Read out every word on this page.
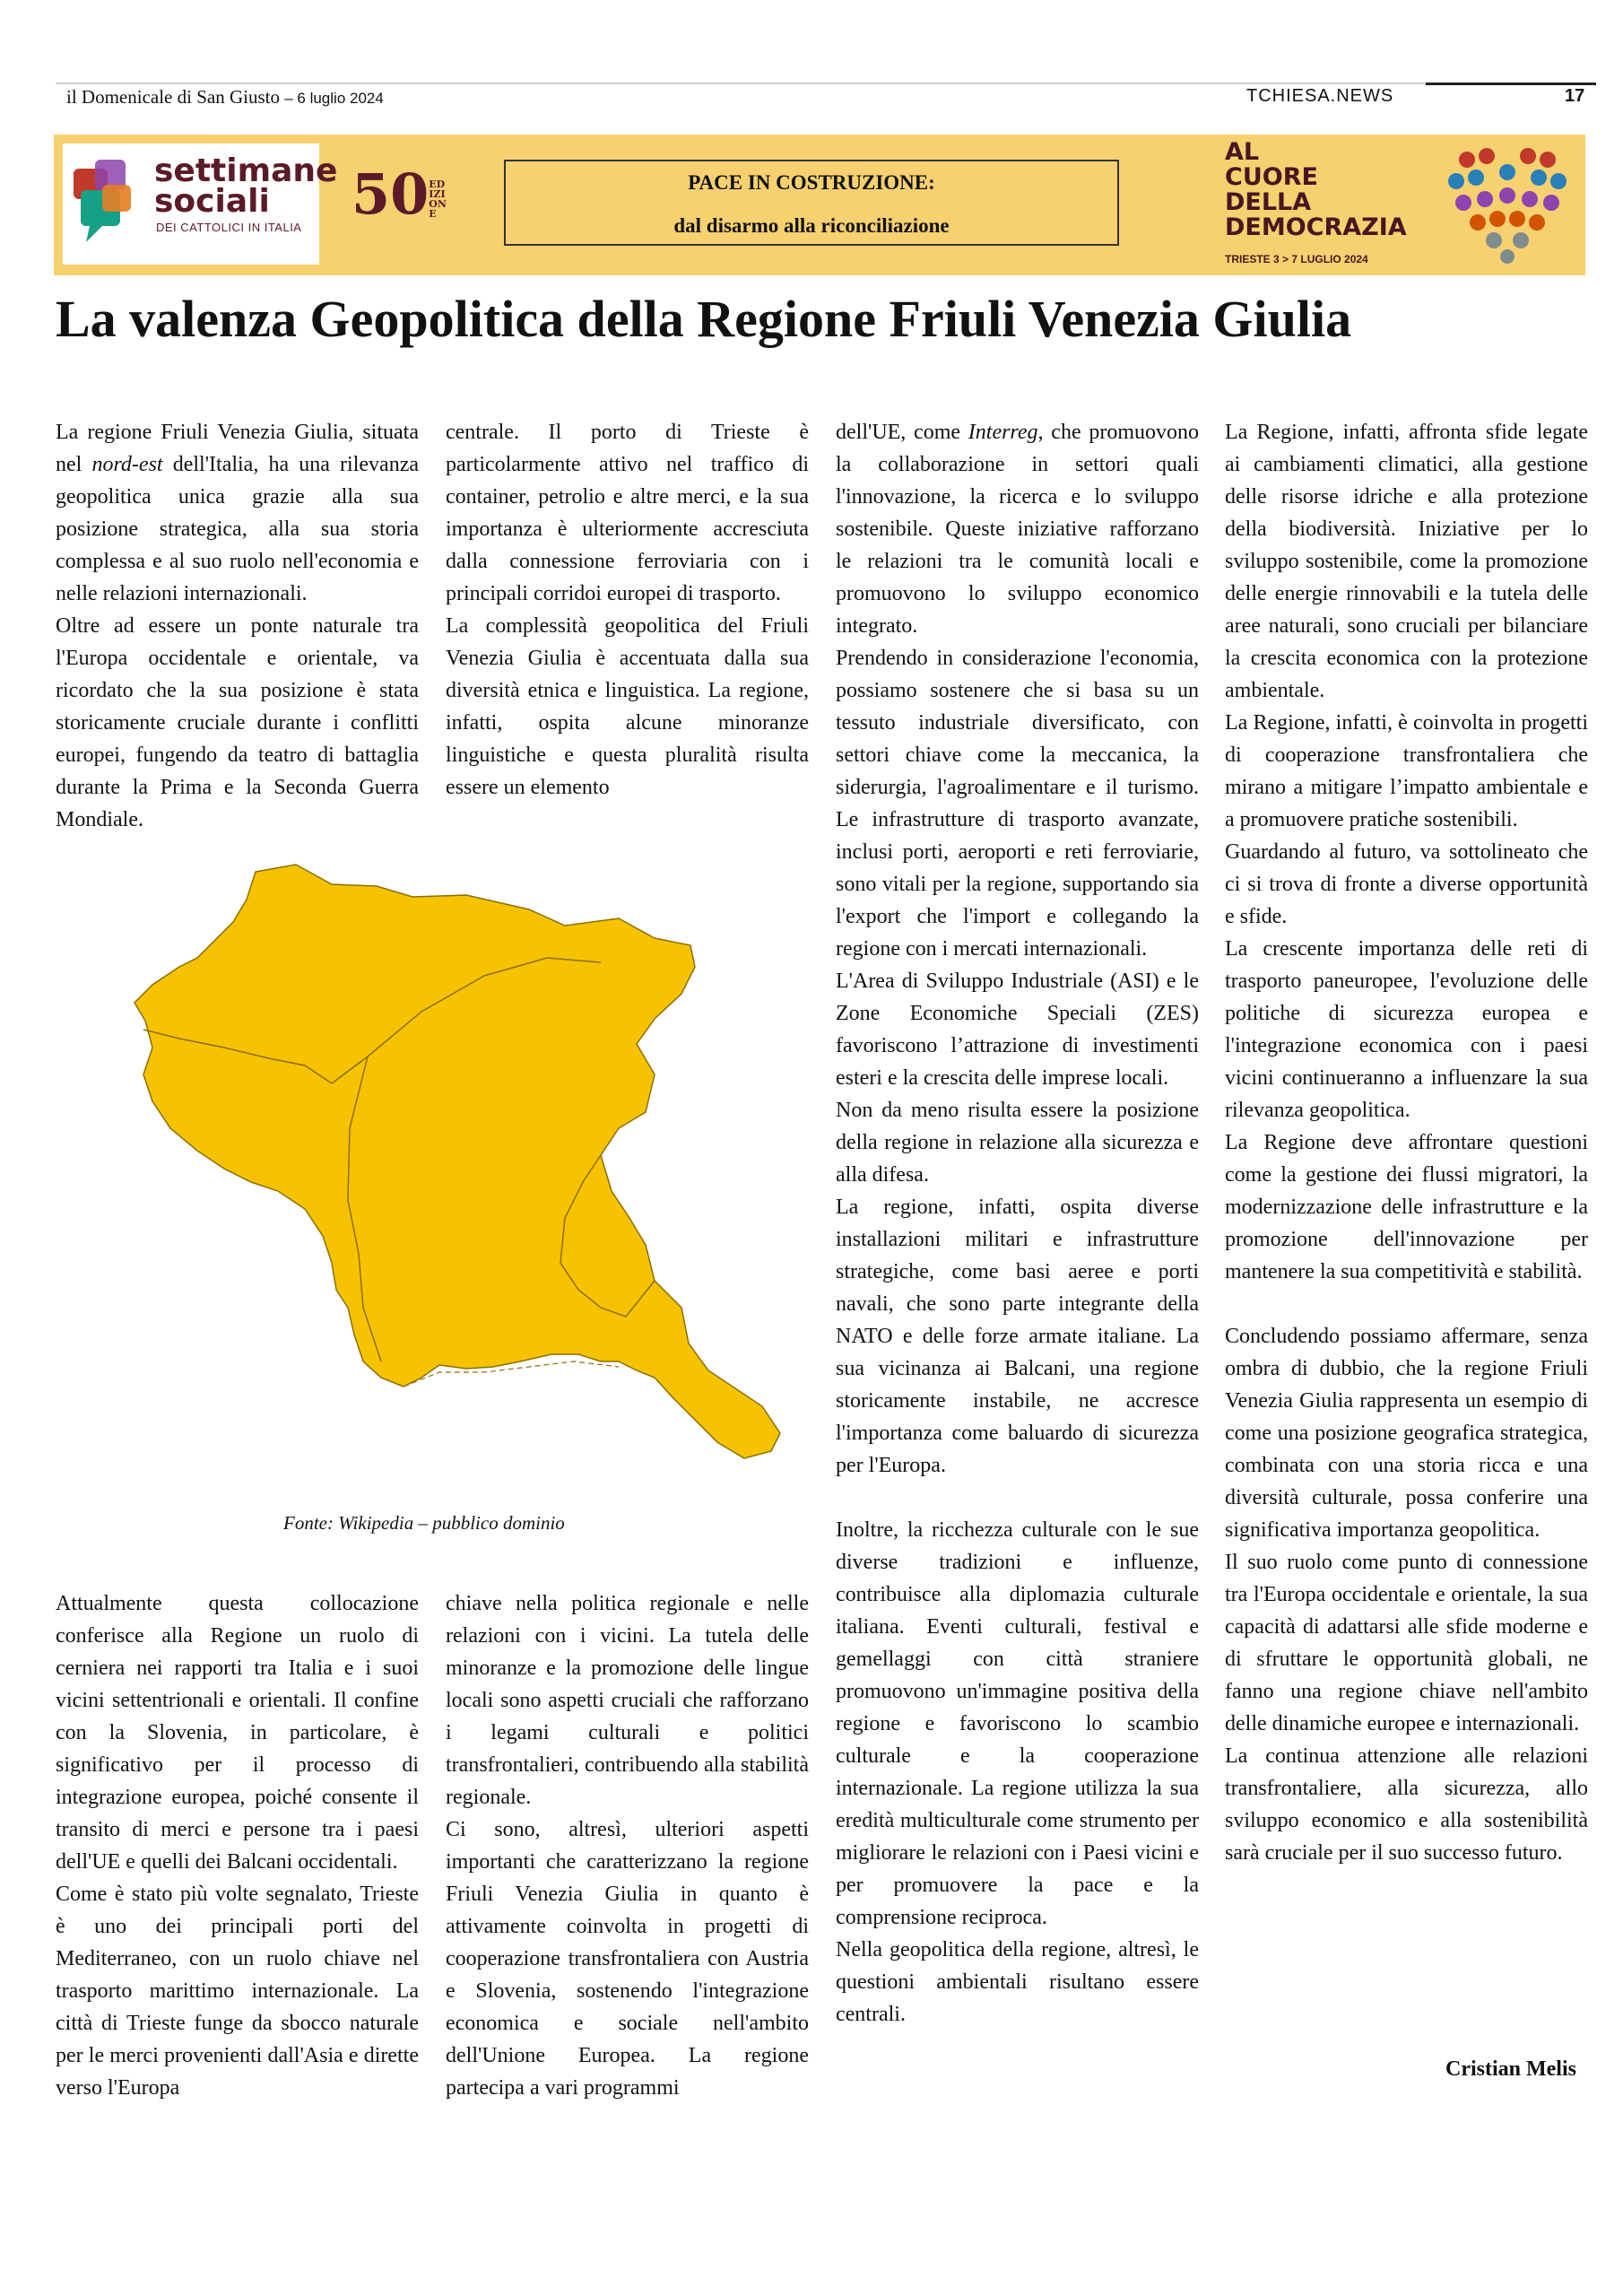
il Domenicale di San Giusto – 6 luglio 2024	TCHIESA.NEWS	17
settimane
sociali
DEI CATTOLICI IN ITALIA
50EDIZIONE
PACE IN COSTRUZIONE:
dal disarmo alla riconciliazione
AL
CUORE
DELLA
DEMOCRAZIA
TRIESTE 3 > 7 LUGLIO 2024
La valenza Geopolitica della Regione Friuli Venezia Giulia

La regione Friuli Venezia Giulia, situata nel nord-est dell'Italia, ha una rilevanza geopolitica unica grazie alla sua posizione strategica, alla sua storia complessa e al suo ruolo nell'economia e nelle relazioni internazionali.

Oltre ad essere un ponte naturale tra l'Europa occidentale e orientale, va ricordato che la sua posizione è stata storicamente cruciale durante i conflitti europei, fungendo da teatro di battaglia durante la Prima e la Seconda Guerra Mondiale.

centrale. Il porto di Trieste è particolarmente attivo nel traffico di container, petrolio e altre merci, e la sua importanza è ulteriormente accresciuta dalla connessione ferroviaria con i principali corridoi europei di trasporto.

La complessità geopolitica del Friuli Venezia Giulia è accentuata dalla sua diversità etnica e linguistica. La regione, infatti, ospita alcune minoranze linguistiche e questa pluralità risulta essere un elemento

Fonte: Wikipedia – pubblico dominio

Attualmente questa collocazione conferisce alla Regione un ruolo di cerniera nei rapporti tra Italia e i suoi vicini settentrionali e orientali. Il confine con la Slovenia, in particolare, è significativo per il processo di integrazione europea, poiché consente il transito di merci e persone tra i paesi dell'UE e quelli dei Balcani occidentali.

Come è stato più volte segnalato, Trieste è uno dei principali porti del Mediterraneo, con un ruolo chiave nel trasporto marittimo internazionale. La città di Trieste funge da sbocco naturale per le merci provenienti dall'Asia e dirette verso l'Europa

chiave nella politica regionale e nelle relazioni con i vicini. La tutela delle minoranze e la promozione delle lingue locali sono aspetti cruciali che rafforzano i legami culturali e politici transfrontalieri, contribuendo alla stabilità regionale.

Ci sono, altresì, ulteriori aspetti importanti che caratterizzano la regione Friuli Venezia Giulia in quanto è attivamente coinvolta in progetti di cooperazione transfrontaliera con Austria e Slovenia, sostenendo l'integrazione economica e sociale nell'ambito dell'Unione Europea. La regione partecipa a vari programmi

dell'UE, come Interreg, che promuovono la collaborazione in settori quali l'innovazione, la ricerca e lo sviluppo sostenibile. Queste iniziative rafforzano le relazioni tra le comunità locali e promuovono lo sviluppo economico integrato.

Prendendo in considerazione l'economia, possiamo sostenere che si basa su un tessuto industriale diversificato, con settori chiave come la meccanica, la siderurgia, l'agroalimentare e il turismo. Le infrastrutture di trasporto avanzate, inclusi porti, aeroporti e reti ferroviarie, sono vitali per la regione, supportando sia l'export che l'import e collegando la regione con i mercati internazionali.

L'Area di Sviluppo Industriale (ASI) e le Zone Economiche Speciali (ZES) favoriscono l’attrazione di investimenti esteri e la crescita delle imprese locali.

Non da meno risulta essere la posizione della regione in relazione alla sicurezza e alla difesa.

La regione, infatti, ospita diverse installazioni militari e infrastrutture strategiche, come basi aeree e porti navali, che sono parte integrante della NATO e delle forze armate italiane. La sua vicinanza ai Balcani, una regione storicamente instabile, ne accresce l'importanza come baluardo di sicurezza per l'Europa.

Inoltre, la ricchezza culturale con le sue diverse tradizioni e influenze, contribuisce alla diplomazia culturale italiana. Eventi culturali, festival e gemellaggi con città straniere promuovono un'immagine positiva della regione e favoriscono lo scambio culturale e la cooperazione internazionale. La regione utilizza la sua eredità multiculturale come strumento per migliorare le relazioni con i Paesi vicini e per promuovere la pace e la comprensione reciproca.

Nella geopolitica della regione, altresì, le questioni ambientali risultano essere centrali.

La Regione, infatti, affronta sfide legate ai cambiamenti climatici, alla gestione delle risorse idriche e alla protezione della biodiversità. Iniziative per lo sviluppo sostenibile, come la promozione delle energie rinnovabili e la tutela delle aree naturali, sono cruciali per bilanciare la crescita economica con la protezione ambientale.

La Regione, infatti, è coinvolta in progetti di cooperazione transfrontaliera che mirano a mitigare l’impatto ambientale e a promuovere pratiche sostenibili.

Guardando al futuro, va sottolineato che ci si trova di fronte a diverse opportunità e sfide.

La crescente importanza delle reti di trasporto paneuropee, l'evoluzione delle politiche di sicurezza europea e l'integrazione economica con i paesi vicini continueranno a influenzare la sua rilevanza geopolitica.

La Regione deve affrontare questioni come la gestione dei flussi migratori, la modernizzazione delle infrastrutture e la promozione dell'innovazione per mantenere la sua competitività e stabilità.

Concludendo possiamo affermare, senza ombra di dubbio, che la regione Friuli Venezia Giulia rappresenta un esempio di come una posizione geografica strategica, combinata con una storia ricca e una diversità culturale, possa conferire una significativa importanza geopolitica.

Il suo ruolo come punto di connessione tra l'Europa occidentale e orientale, la sua capacità di adattarsi alle sfide moderne e di sfruttare le opportunità globali, ne fanno una regione chiave nell'ambito delle dinamiche europee e internazionali.

La continua attenzione alle relazioni transfrontaliere, alla sicurezza, allo sviluppo economico e alla sostenibilità sarà cruciale per il suo successo futuro.

Cristian Melis
